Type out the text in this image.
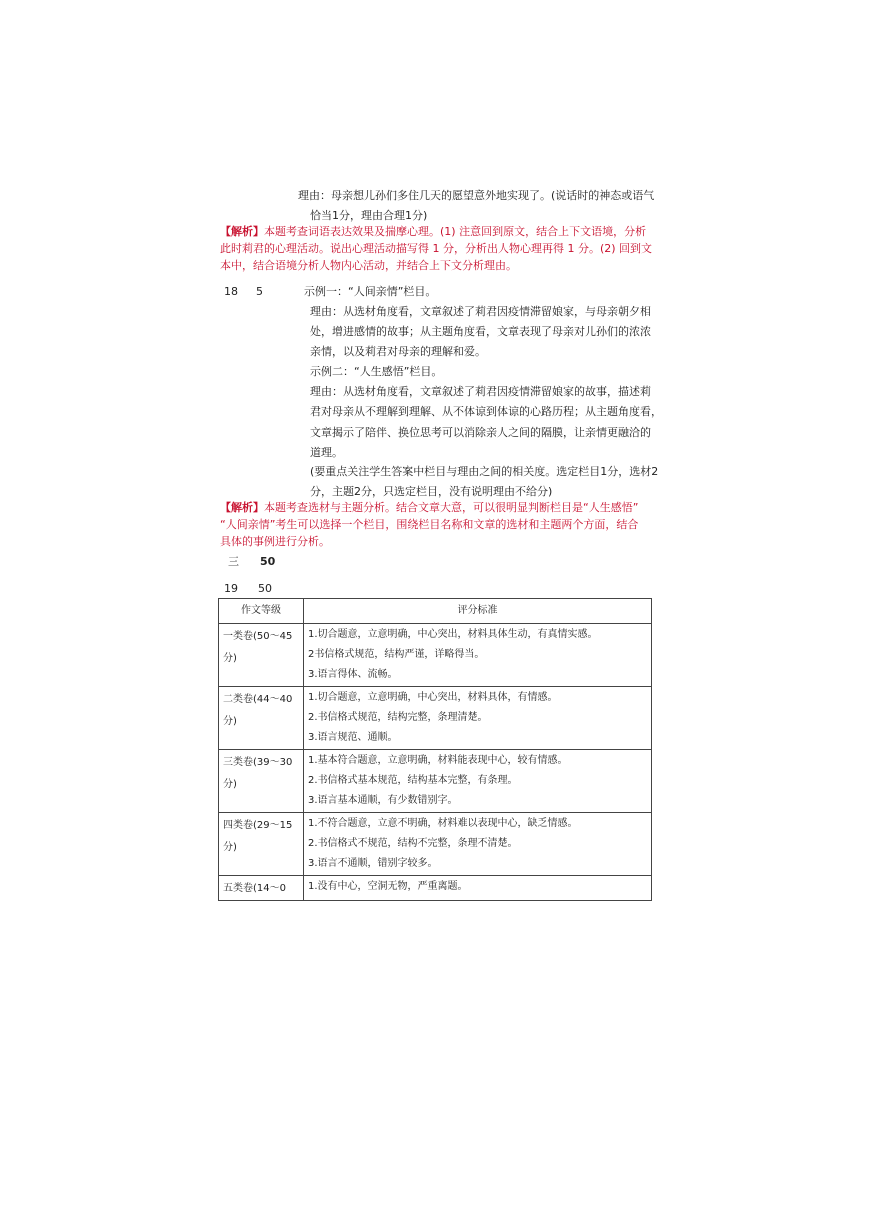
理由：母亲想儿孙们多住几天的愿望意外地实现了。(说话时的神态或语气
恰当1分，理由合理1分)
【解析】本题考查词语表达效果及揣摩心理。(1) 注意回到原文，结合上下文语境，分析
此时莉君的心理活动。说出心理活动描写得 1 分，分析出人物心理再得 1 分。(2) 回到文
本中，结合语境分析人物内心活动，并结合上下文分析理由。
18 5	示例一：“人间亲情”栏目。
理由：从选材角度看，文章叙述了莉君因疫情滞留娘家，与母亲朝夕相
处，增进感情的故事；从主题角度看，文章表现了母亲对儿孙们的浓浓
亲情，以及莉君对母亲的理解和爱。
示例二：“人生感悟”栏目。
理由：从选材角度看，文章叙述了莉君因疫情滞留娘家的故事，描述莉
君对母亲从不理解到理解、从不体谅到体谅的心路历程；从主题角度看，
文章揭示了陪伴、换位思考可以消除亲人之间的隔膜，让亲情更融洽的
道理。
(要重点关注学生答案中栏目与理由之间的相关度。选定栏目1分，选材2
分，主题2分，只选定栏目，没有说明理由不给分)
【解析】本题考查选材与主题分析。结合文章大意，可以很明显判断栏目是“人生感悟”
“人间亲情”考生可以选择一个栏目，围绕栏目名称和文章的选材和主题两个方面，结合
具体的事例进行分析。
三 50
19 50
作文等级	评分标准

一类卷(50～45
分)	1.切合题意，立意明确，中心突出，材料具体生动，有真情实感。
2书信格式规范，结构严谨，详略得当。
3.语言得体、流畅。

二类卷(44～40
分)	1.切合题意，立意明确，中心突出，材料具体，有情感。
2.书信格式规范，结构完整，条理清楚。
3.语言规范、通顺。

三类卷(39～30
分)	1.基本符合题意，立意明确，材料能表现中心，较有情感。
2.书信格式基本规范，结构基本完整，有条理。
3.语言基本通顺，有少数错别字。

四类卷(29～15
分)	1.不符合题意，立意不明确，材料难以表现中心，缺乏情感。
2.书信格式不规范，结构不完整，条理不清楚。
3.语言不通顺，错别字较多。

五类卷(14～0	1.没有中心，空洞无物，严重离题。
